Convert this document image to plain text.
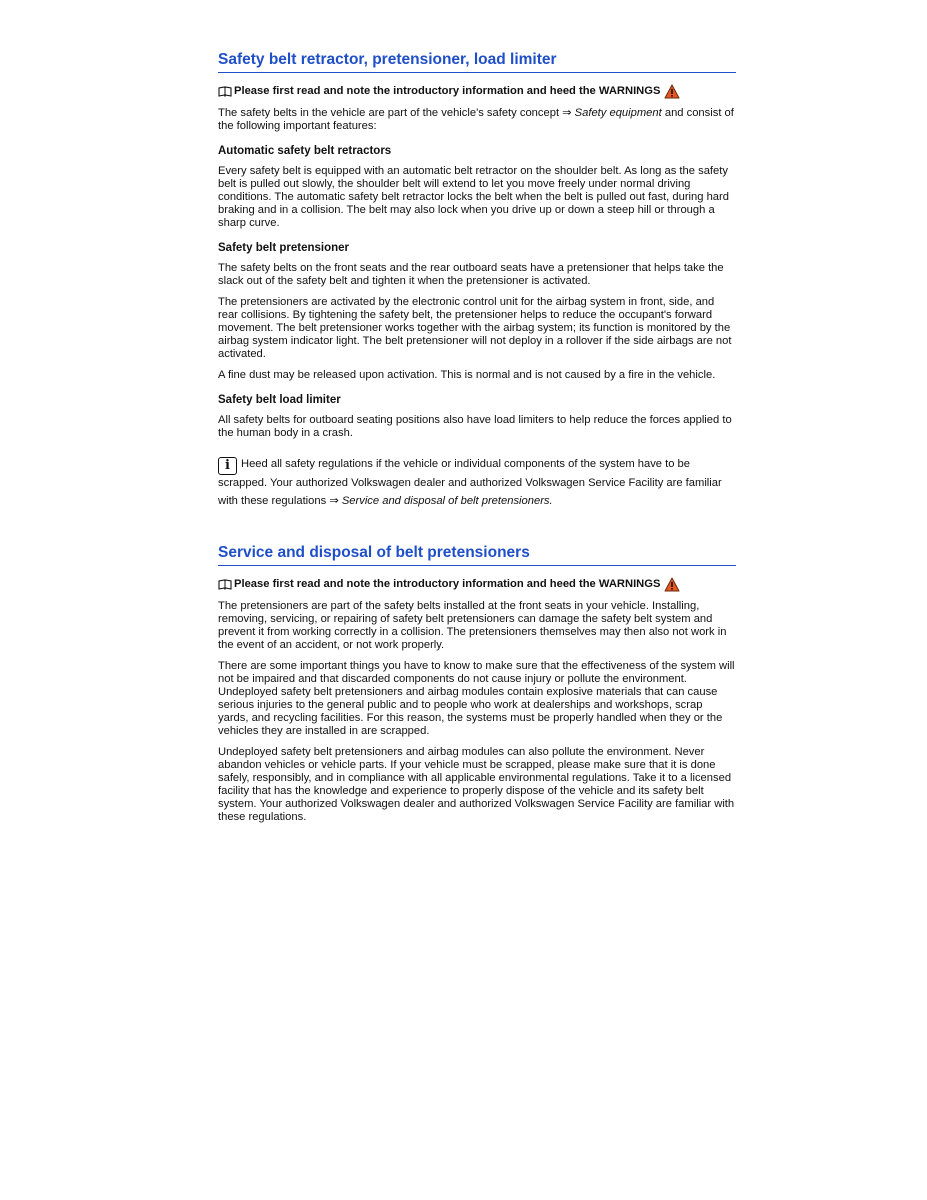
Safety belt retractor, pretensioner, load limiter
Please first read and note the introductory information and heed the WARNINGS

The safety belts in the vehicle are part of the vehicle's safety concept ⇒ Safety equipment and consist of the following important features:

Automatic safety belt retractors

Every safety belt is equipped with an automatic belt retractor on the shoulder belt. As long as the safety belt is pulled out slowly, the shoulder belt will extend to let you move freely under normal driving conditions. The automatic safety belt retractor locks the belt when the belt is pulled out fast, during hard braking and in a collision. The belt may also lock when you drive up or down a steep hill or through a sharp curve.

Safety belt pretensioner

The safety belts on the front seats and the rear outboard seats have a pretensioner that helps take the slack out of the safety belt and tighten it when the pretensioner is activated.

The pretensioners are activated by the electronic control unit for the airbag system in front, side, and rear collisions. By tightening the safety belt, the pretensioner helps to reduce the occupant's forward movement. The belt pretensioner works together with the airbag system; its function is monitored by the airbag system indicator light. The belt pretensioner will not deploy in a rollover if the side airbags are not activated.

A fine dust may be released upon activation. This is normal and is not caused by a fire in the vehicle.

Safety belt load limiter

All safety belts for outboard seating positions also have load limiters to help reduce the forces applied to the human body in a crash.

i Heed all safety regulations if the vehicle or individual components of the system have to be
scrapped. Your authorized Volkswagen dealer and authorized Volkswagen Service Facility are familiar
with these regulations ⇒ Service and disposal of belt pretensioners.
Service and disposal of belt pretensioners
Please first read and note the introductory information and heed the WARNINGS

The pretensioners are part of the safety belts installed at the front seats in your vehicle. Installing, removing, servicing, or repairing of safety belt pretensioners can damage the safety belt system and prevent it from working correctly in a collision. The pretensioners themselves may then also not work in the event of an accident, or not work properly.

There are some important things you have to know to make sure that the effectiveness of the system will not be impaired and that discarded components do not cause injury or pollute the environment. Undeployed safety belt pretensioners and airbag modules contain explosive materials that can cause serious injuries to the general public and to people who work at dealerships and workshops, scrap yards, and recycling facilities. For this reason, the systems must be properly handled when they or the vehicles they are installed in are scrapped.

Undeployed safety belt pretensioners and airbag modules can also pollute the environment. Never abandon vehicles or vehicle parts. If your vehicle must be scrapped, please make sure that it is done safely, responsibly, and in compliance with all applicable environmental regulations. Take it to a licensed facility that has the knowledge and experience to properly dispose of the vehicle and its safety belt system. Your authorized Volkswagen dealer and authorized Volkswagen Service Facility are familiar with these regulations.
